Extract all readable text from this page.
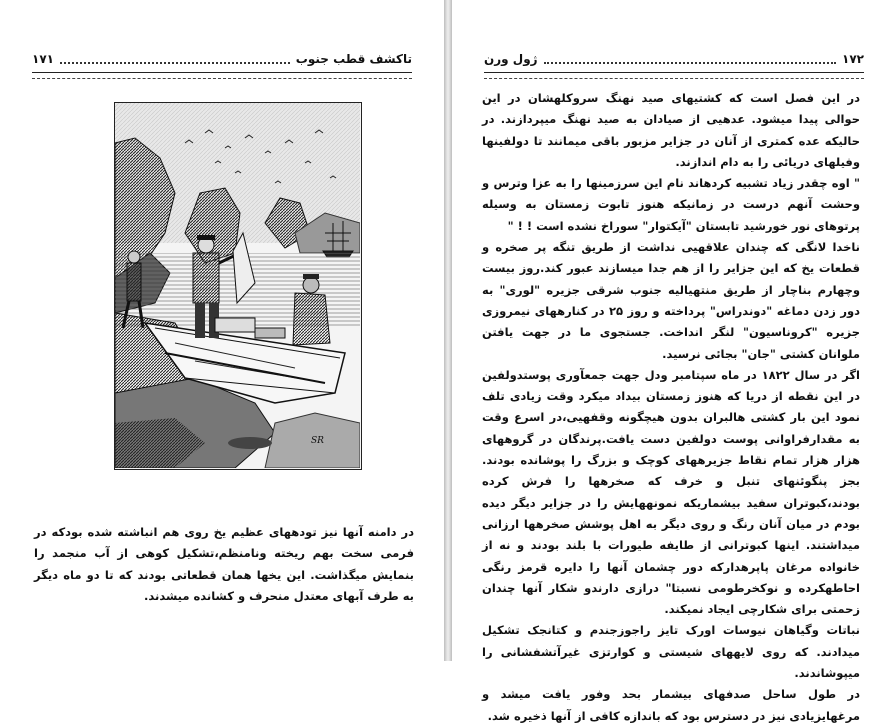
۱۷۱	تاکشف قطب جنوب
SR

در دامنه آنها نیز تودههای عظیم یخ روی هم انباشته شده بودکه در فرمی سخت بهم ریخته ونامنظم،تشکیل کوهی از آب منجمد را بنمایش میگذاشت. این یخها همان قطعاتی بودند که تا دو ماه دیگر به طرف آبهای معتدل منحرف و کشانده میشدند.

ژول ورن	۱۷۲

در این فصل است که کشتیهای صید نهنگ سروکلهشان در این حوالی پیدا میشود. عدهیی از صیادان به صید نهنگ میپردازند. در حالیکه عده کمتری از آنان در جزایر مزبور باقی میمانند تا دولفینها وفیلهای دریائی را به دام اندازند.

" اوه چقدر زیاد تشبیه کردهاند نام این سرزمینها را به عزا وترس و وحشت آنهم درست در زمانیکه هنوز تابوت زمستان به وسیله پرتوهای نور خورشید تابستان "آیکتوار" سوراخ نشده است ! ! "

ناخدا لانگی که چندان علاقهیی نداشت از طریق تنگه پر صخره و قطعات یخ که این جزایر را از هم جدا میسازند عبور کند.روز بیست وچهارم بناچار از طریق منتهیالیه جنوب شرقی جزیره "لوری" به دور زدن دماغه "دوندراس" پرداخته و روز ۲۵ در کنارههای نیمروزی جزیره "کروناسیون" لنگر انداخت. جستجوی ما در جهت یافتن ملوانان کشتی "جان" بجائی نرسید.

اگر در سال ۱۸۲۲ در ماه سپتامبر ودل جهت جمعآوری پوستدولفین در این نقطه از دریا که هنوز زمستان بیداد میکرد وقت زیادی تلف نمود این بار کشتی هالبران بدون هیچگونه وقفهیی،در اسرع وقت به مقدارفراوانی پوست دولفین دست یافت.پرندگان در گروههای هزار هزار تمام نقاط جزیرههای کوچک و بزرگ را پوشانده بودند. بجز پنگوئنهای تنبل و خرف که صخرهها را فرش کرده بودند،کبوتران سفید بیشماریکه نمونههایش را در جزایر دیگر دیده بودم در میان آنان رنگ و روی دیگر به اهل پوشش صخرهها ارزانی میداشتند. اینها کبوترانی از طایفه طیورات با بلند بودند و نه از خانواده مرغان پاپرهدارکه دور چشمان آنها را دایره قرمز رنگی احاطهکرده و نوکخرطومی نسبتا" درازی دارندو شکار آنها چندان زحمتی برای شکارچی ایجاد نمیکند.

نباتات وگیاهان نیوسات اورک تایز راجوزجندم و کتانجک تشکیل میدادند. که روی لایههای شیستی و کوارتزی غیرآتشفشانی را میپوشاندند.

در طول ساحل صدفهای بیشمار بحد وفور یافت میشد و مرغهایزیادی نیز در دسترس بود که باندازه کافی از آنها ذخیره شد.
